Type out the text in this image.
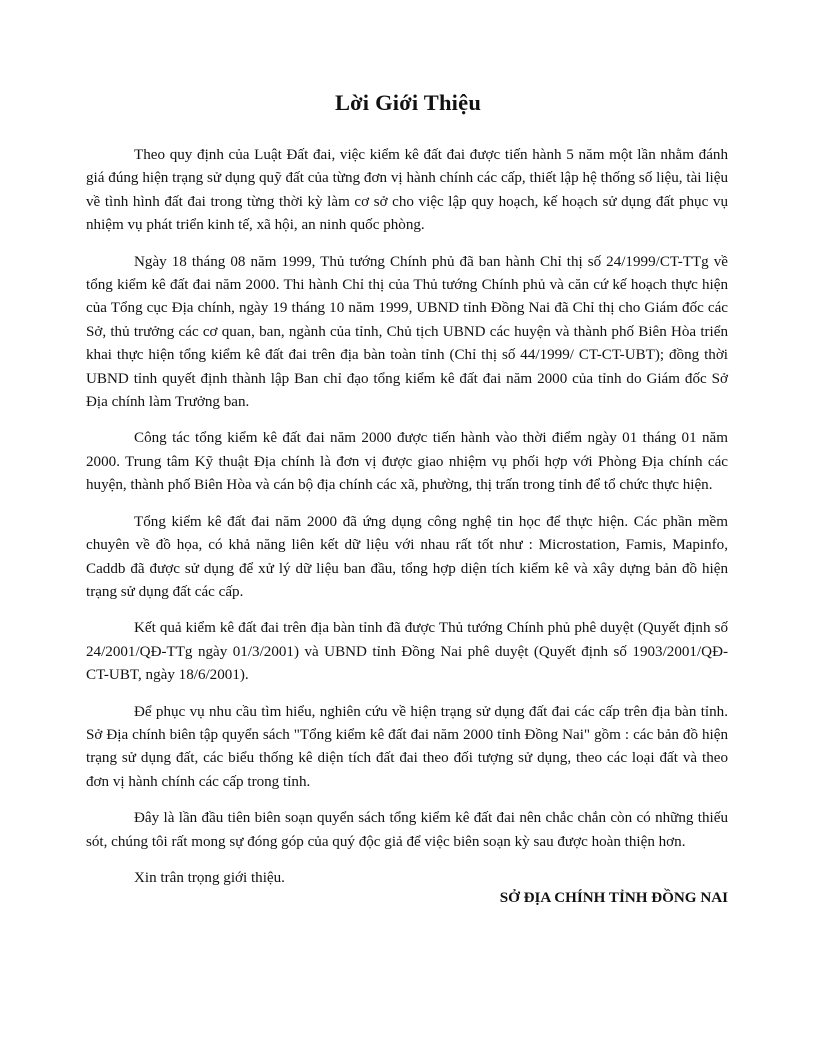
Lời Giới Thiệu

Theo quy định của Luật Đất đai, việc kiểm kê đất đai được tiến hành 5 năm một lần nhằm đánh giá đúng hiện trạng sử dụng quỹ đất của từng đơn vị hành chính các cấp, thiết lập hệ thống số liệu, tài liệu về tình hình đất đai trong từng thời kỳ làm cơ sở cho việc lập quy hoạch, kế hoạch sử dụng đất phục vụ nhiệm vụ phát triển kinh tế, xã hội, an ninh quốc phòng.

Ngày 18 tháng 08 năm 1999, Thủ tướng Chính phủ đã ban hành Chỉ thị số 24/1999/CT-TTg về tổng kiểm kê đất đai năm 2000. Thi hành Chỉ thị của Thủ tướng Chính phủ và căn cứ kế hoạch thực hiện của Tổng cục Địa chính, ngày 19 tháng 10 năm 1999, UBND tỉnh Đồng Nai đã Chỉ thị cho Giám đốc các Sở, thủ trưởng các cơ quan, ban, ngành của tỉnh, Chủ tịch UBND các huyện và thành phố Biên Hòa triển khai thực hiện tổng kiểm kê đất đai trên địa bàn toàn tỉnh (Chỉ thị số 44/1999/ CT-CT-UBT); đồng thời UBND tỉnh quyết định thành lập Ban chỉ đạo tổng kiểm kê đất đai năm 2000 của tỉnh do Giám đốc Sở Địa chính làm Trưởng ban.

Công tác tổng kiểm kê đất đai năm 2000 được tiến hành vào thời điểm ngày 01 tháng 01 năm 2000. Trung tâm Kỹ thuật Địa chính là đơn vị được giao nhiệm vụ phối hợp với Phòng Địa chính các huyện, thành phố Biên Hòa và cán bộ địa chính các xã, phường, thị trấn trong tỉnh để tổ chức thực hiện.

Tổng kiểm kê đất đai năm 2000 đã ứng dụng công nghệ tin học để thực hiện. Các phần mềm chuyên về đồ họa, có khả năng liên kết dữ liệu với nhau rất tốt như : Microstation, Famis, Mapinfo, Caddb đã được sử dụng để xử lý dữ liệu ban đầu, tổng hợp diện tích kiểm kê và xây dựng bản đồ hiện trạng sử dụng đất các cấp.

Kết quả kiểm kê đất đai trên địa bàn tỉnh đã được Thủ tướng Chính phủ phê duyệt (Quyết định số 24/2001/QĐ-TTg ngày 01/3/2001) và UBND tỉnh Đồng Nai phê duyệt (Quyết định số 1903/2001/QĐ-CT-UBT, ngày 18/6/2001).

Để phục vụ nhu cầu tìm hiểu, nghiên cứu về hiện trạng sử dụng đất đai các cấp trên địa bàn tỉnh. Sở Địa chính biên tập quyển sách "Tổng kiểm kê đất đai năm 2000 tỉnh Đồng Nai" gồm : các bản đồ hiện trạng sử dụng đất, các biểu thống kê diện tích đất đai theo đối tượng sử dụng, theo các loại đất và theo đơn vị hành chính các cấp trong tỉnh.

Đây là lần đầu tiên biên soạn quyển sách tổng kiểm kê đất đai nên chắc chắn còn có những thiếu sót, chúng tôi rất mong sự đóng góp của quý độc giả để việc biên soạn kỳ sau được hoàn thiện hơn.

Xin trân trọng giới thiệu.

SỞ ĐỊA CHÍNH TỈNH ĐỒNG NAI
